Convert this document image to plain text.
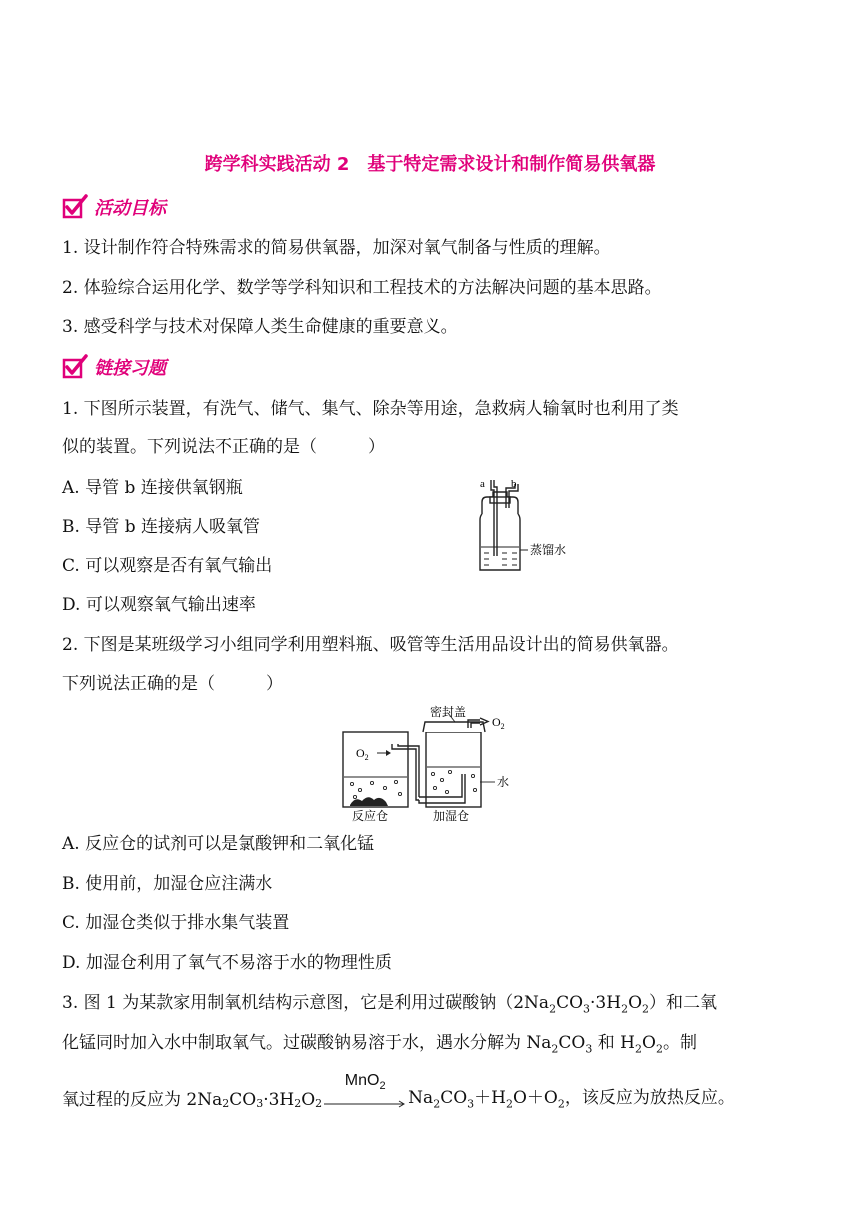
跨学科实践活动 2　基于特定需求设计和制作简易供氧器
活动目标
1. 设计制作符合特殊需求的简易供氧器，加深对氧气制备与性质的理解。
2. 体验综合运用化学、数学等学科知识和工程技术的方法解决问题的基本思路。
3. 感受科学与技术对保障人类生命健康的重要意义。
链接习题
1. 下图所示装置，有洗气、储气、集气、除杂等用途，急救病人输氧时也利用了类
似的装置。下列说法不正确的是（　　　）
A. 导管 b 连接供氧钢瓶
B. 导管 b 连接病人吸氧管
C. 可以观察是否有氧气输出
D. 可以观察氧气输出速率
a b
蒸馏水
2. 下图是某班级学习小组同学利用塑料瓶、吸管等生活用品设计出的简易供氧器。
下列说法正确的是（　　　）
密封盖
$O_2$
$O_2$
水
反应仓	加湿仓
A. 反应仓的试剂可以是氯酸钾和二氧化锰
B. 使用前，加湿仓应注满水
C. 加湿仓类似于排水集气装置
D. 加湿仓利用了氧气不易溶于水的物理性质
3. 图 1 为某款家用制氧机结构示意图，它是利用过碳酸钠$(2Na_2CO_3\cdot 3H_2O_2)$和二氧
化锰同时加入水中制取氧气。过碳酸钠易溶于水，遇水分解为 $Na_2CO_3$ 和 $H_2O_2$。制
氧过程的反应为 $2Na_2$ $CO_3 \cdot 3H_2$ $O_2$
MnO$_2$
$Na_2CO_3+H_2O+O_2$，该反应为放热反应。
